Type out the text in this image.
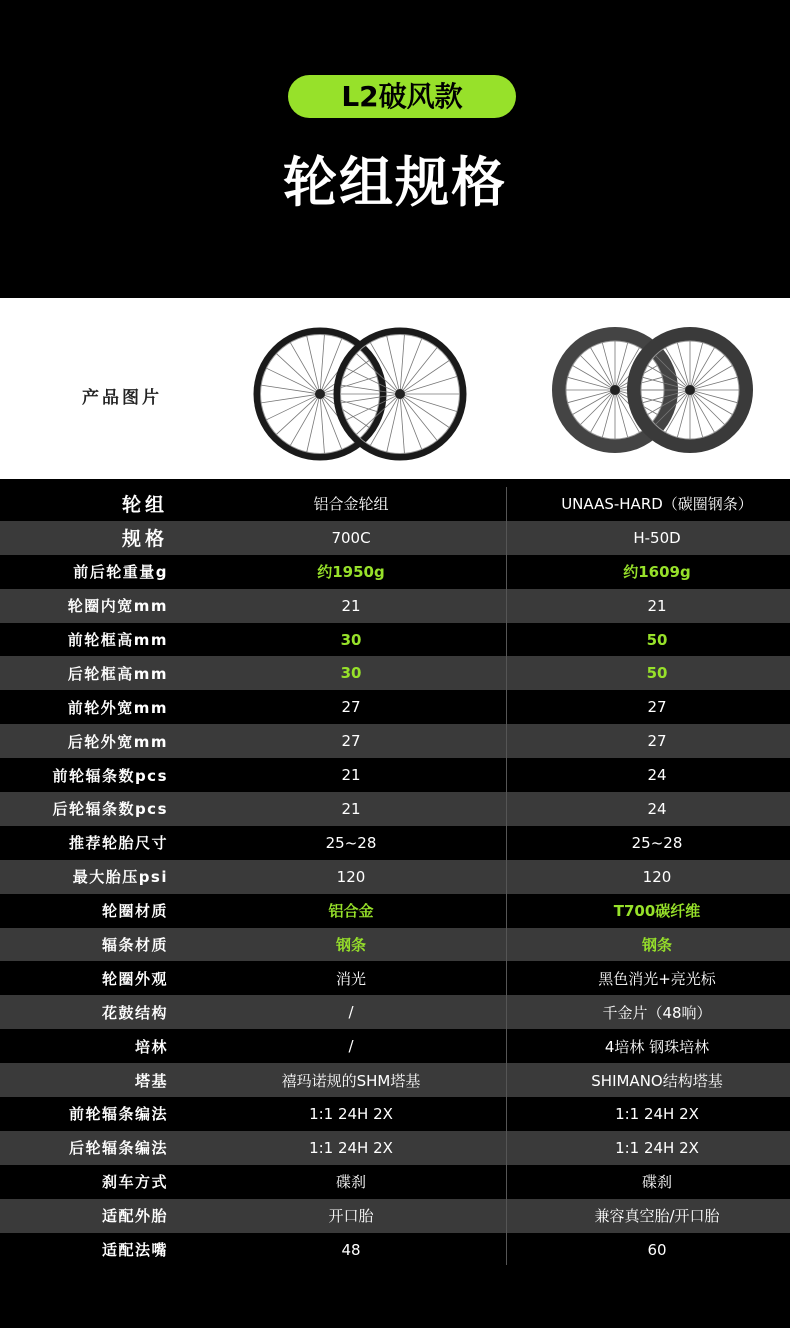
L2破风款
轮组规格
产品图片
轮组	铝合金轮组	UNAAS-HARD（碳圈钢条）
规格	700C	H-50D
前后轮重量g	约1950g	约1609g
轮圈内宽mm	21	21
前轮框高mm	30	50
后轮框高mm	30	50
前轮外宽mm	27	27
后轮外宽mm	27	27
前轮辐条数pcs	21	24
后轮辐条数pcs	21	24
推荐轮胎尺寸	25~28	25~28
最大胎压psi	120	120
轮圈材质	铝合金	T700碳纤维
辐条材质	钢条	钢条
轮圈外观	消光	黑色消光+亮光标
花鼓结构	/	千金片（48响）
培林	/	4培林 钢珠培林
塔基	禧玛诺规的SHM塔基	SHIMANO结构塔基
前轮辐条编法	1:1 24H 2X	1:1 24H 2X
后轮辐条编法	1:1 24H 2X	1:1 24H 2X
刹车方式	碟刹	碟刹
适配外胎	开口胎	兼容真空胎/开口胎
适配法嘴	48	60
